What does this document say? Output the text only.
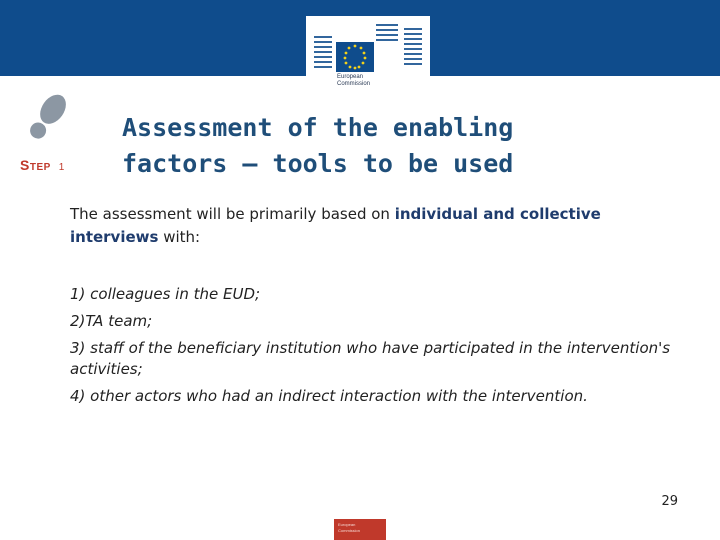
European
Commission
STEP 1
Assessment of the enabling
factors – tools to be used

The assessment will be primarily based on individual and collective interviews with:

1) colleagues in the EUD;
2)TA team;
3) staff of the beneficiary institution who have participated in the intervention's activities;
4) other actors who had an indirect interaction with the intervention.
29
European
Commission
